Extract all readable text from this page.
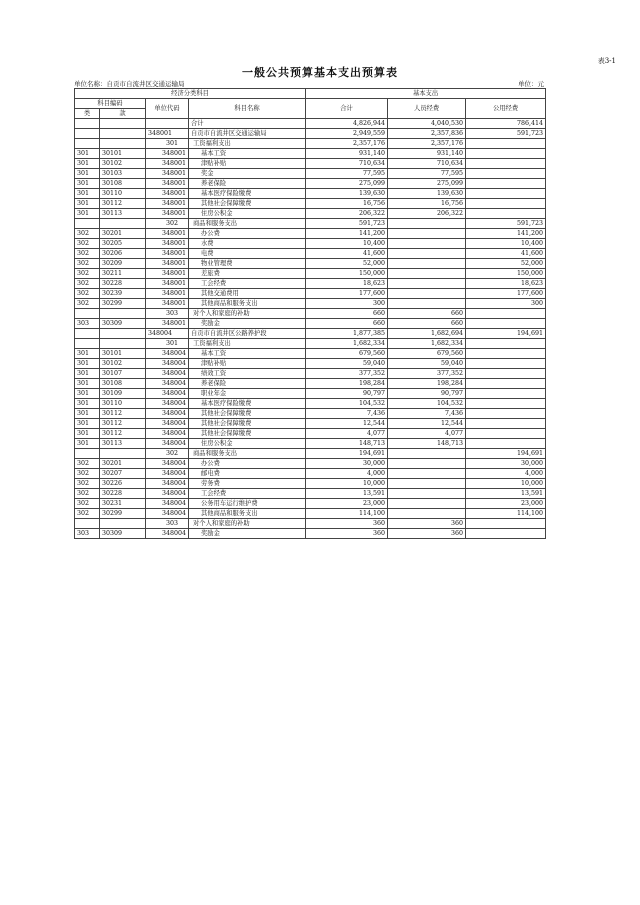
表3-1
一般公共预算基本支出预算表
单位名称：自贡市自流井区交通运输局	单位：元
经济分类科目				基本支出		
科目编码		单位代码	科目名称	合计	人员经费	公用经费
类	款					
			合计	4,826,944	4,040,530	786,414
		348001	自贡市自流井区交通运输局	2,949,559	2,357,836	591,723
		301	工资福利支出	2,357,176	2,357,176	
301	30101	348001	基本工资	931,140	931,140	
301	30102	348001	津贴补贴	710,634	710,634	
301	30103	348001	奖金	77,595	77,595	
301	30108	348001	养老保险	275,099	275,099	
301	30110	348001	基本医疗保险缴费	139,630	139,630	
301	30112	348001	其他社会保障缴费	16,756	16,756	
301	30113	348001	住房公积金	206,322	206,322	
		302	商品和服务支出	591,723		591,723
302	30201	348001	办公费	141,200		141,200
302	30205	348001	水费	10,400		10,400
302	30206	348001	电费	41,600		41,600
302	30209	348001	物业管理费	52,000		52,000
302	30211	348001	差旅费	150,000		150,000
302	30228	348001	工会经费	18,623		18,623
302	30239	348001	其他交通费用	177,600		177,600
302	30299	348001	其他商品和服务支出	300		300
		303	对个人和家庭的补助	660	660	
303	30309	348001	奖励金	660	660	
		348004	自贡市自流井区公路养护段	1,877,385	1,682,694	194,691
		301	工资福利支出	1,682,334	1,682,334	
301	30101	348004	基本工资	679,560	679,560	
301	30102	348004	津贴补贴	59,040	59,040	
301	30107	348004	绩效工资	377,352	377,352	
301	30108	348004	养老保险	198,284	198,284	
301	30109	348004	职业年金	90,797	90,797	
301	30110	348004	基本医疗保险缴费	104,532	104,532	
301	30112	348004	其他社会保障缴费	7,436	7,436	
301	30112	348004	其他社会保障缴费	12,544	12,544	
301	30112	348004	其他社会保障缴费	4,077	4,077	
301	30113	348004	住房公积金	148,713	148,713	
		302	商品和服务支出	194,691		194,691
302	30201	348004	办公费	30,000		30,000
302	30207	348004	邮电费	4,000		4,000
302	30226	348004	劳务费	10,000		10,000
302	30228	348004	工会经费	13,591		13,591
302	30231	348004	公务用车运行维护费	23,000		23,000
302	30299	348004	其他商品和服务支出	114,100		114,100
		303	对个人和家庭的补助	360	360	
303	30309	348004	奖励金	360	360	
